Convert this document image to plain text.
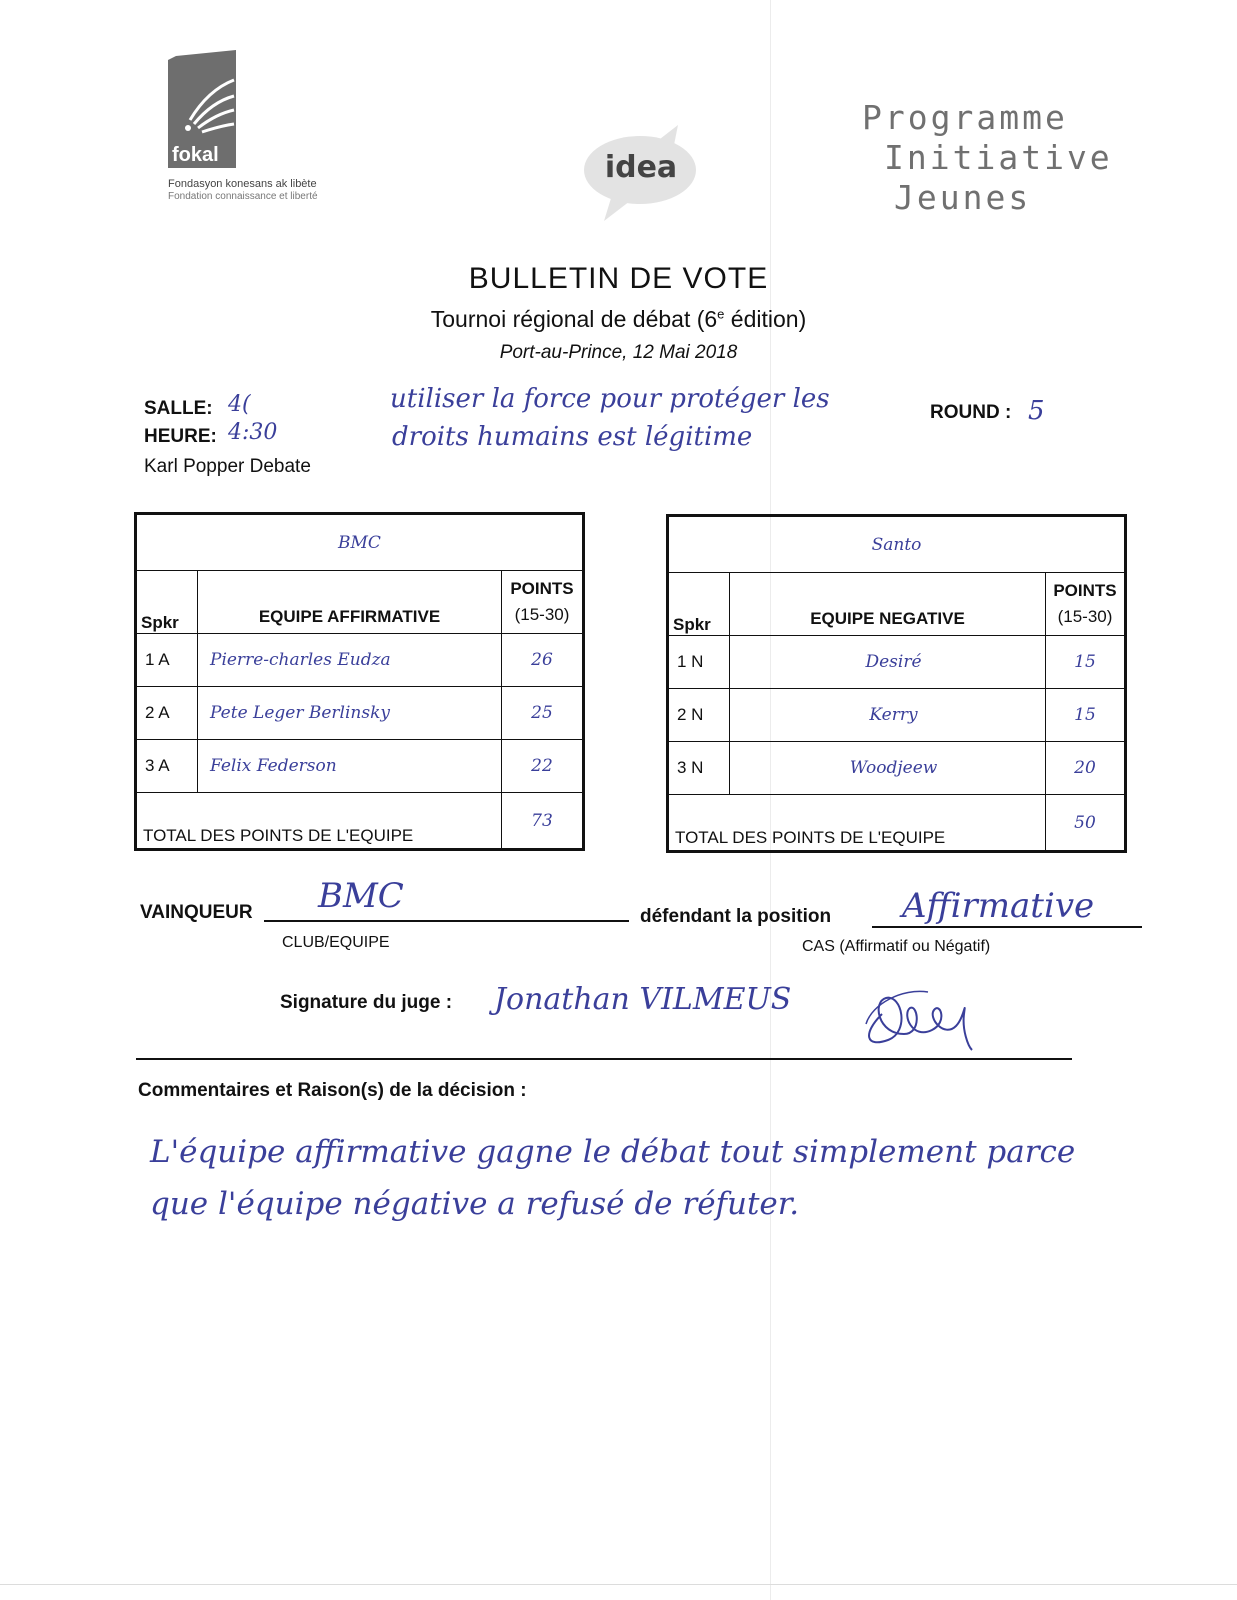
fokal
Fondasyon konesans ak libète
Fondation connaissance et liberté
idea
Programme
Initiative
Jeunes
BULLETIN DE VOTE
Tournoi régional de débat (6e édition)
Port-au-Prince, 12 Mai 2018
SALLE: 4(
HEURE: 4:30
Karl Popper Debate
utiliser la force pour protéger les
droits humains est légitime
ROUND : 5
BMC		
Spkr	EQUIPE AFFIRMATIVE	POINTS
(15-30)
1 A	Pierre-charles Eudza	26
2 A	Pete Leger Berlinsky	25
3 A	Felix Federson	22
TOTAL DES POINTS DE L'EQUIPE		73
Santo		
Spkr	EQUIPE NEGATIVE	POINTS
(15-30)
1 N	Desiré	15
2 N	Kerry	15
3 N	Woodjeew	20
TOTAL DES POINTS DE L'EQUIPE		50
VAINQUEUR BMC
CLUB/EQUIPE
défendant la position Affirmative
CAS (Affirmatif ou Négatif)
Signature du juge : Jonathan VILMEUS
Commentaires et Raison(s) de la décision :
L'équipe affirmative gagne le débat tout simplement parce
que l'équipe négative a refusé de réfuter.
